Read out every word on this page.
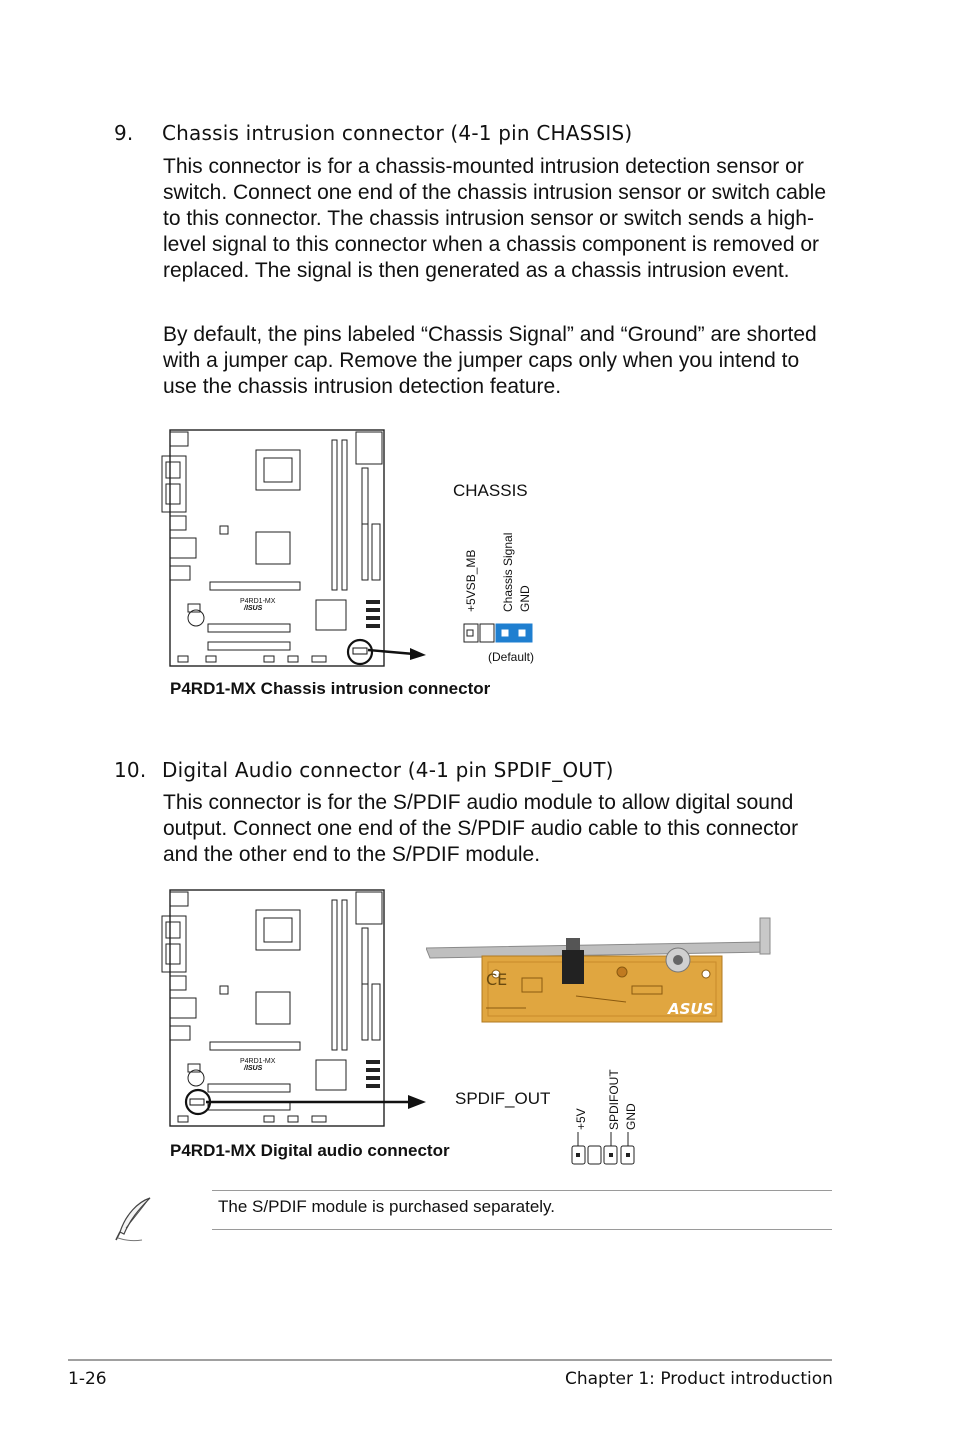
9. Chassis intrusion connector (4-1 pin CHASSIS)
This connector is for a chassis-mounted intrusion detection sensor or switch. Connect one end of the chassis intrusion sensor or switch cable to this connector. The chassis intrusion sensor or switch sends a high-level signal to this connector when a chassis component is removed or replaced. The signal is then generated as a chassis intrusion event.
By default, the pins labeled “Chassis Signal” and “Ground” are shorted with a jumper cap. Remove the jumper caps only when you intend to use the chassis intrusion detection feature.
P4RD1-MX
/ISUS
CHASSIS
+5VSB_MB Chassis Signal GND
(Default)
P4RD1-MX Chassis intrusion connector
10. Digital Audio connector (4-1 pin SPDIF_OUT)
This connector is for the S/PDIF audio module to allow digital sound output. Connect one end of the S/PDIF audio cable to this connector and the other end to the S/PDIF module.
P4RD1-MX
/ISUS
CE
ASUS
SPDIF_OUT
+5V SPDIFOUT GND
P4RD1-MX Digital audio connector
The S/PDIF module is purchased separately.
1-26	Chapter 1: Product introduction
